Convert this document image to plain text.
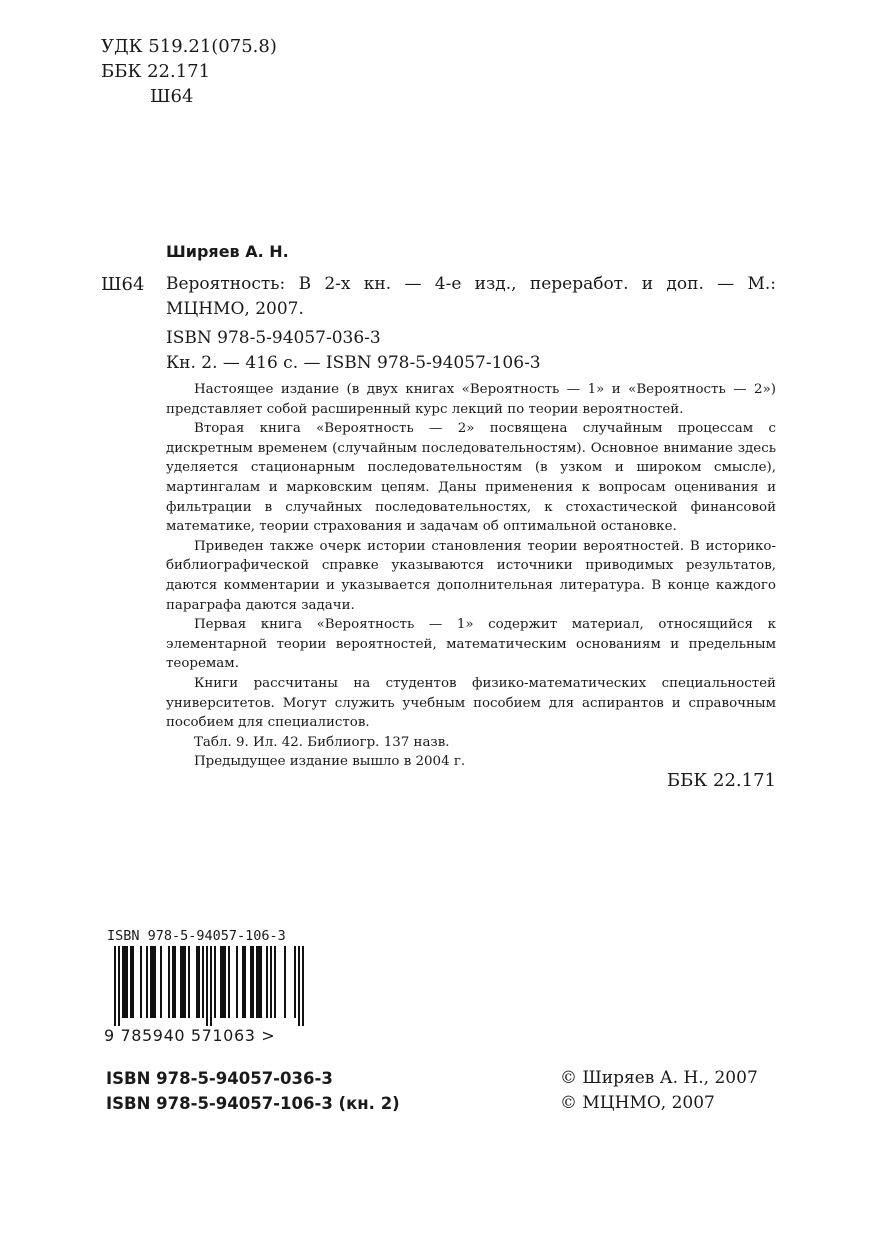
УДК 519.21(075.8)
ББК 22.171
Ш64
Ширяев А. Н.
Ш64 Вероятность: В 2-х кн. — 4-е изд., переработ. и доп. — М.:
МЦНМО, 2007.
ISBN 978-5-94057-036-3
Кн. 2. — 416 с. — ISBN 978-5-94057-106-3

Настоящее издание (в двух книгах «Вероятность — 1» и «Вероятность — 2») представляет собой расширенный курс лекций по теории вероятностей.

Вторая книга «Вероятность — 2» посвящена случайным процессам с дискретным временем (случайным последовательностям). Основное внимание здесь уделяется стационарным последовательностям (в узком и широком смысле), мартингалам и марковским цепям. Даны применения к вопросам оценивания и фильтрации в случайных последовательностях, к стохастической финансовой математике, теории страхования и задачам об оптимальной остановке.

Приведен также очерк истории становления теории вероятностей. В историко-библиографической справке указываются источники приводимых результатов, даются комментарии и указывается дополнительная литература. В конце каждого параграфа даются задачи.

Первая книга «Вероятность — 1» содержит материал, относящийся к элементарной теории вероятностей, математическим основаниям и предельным теоремам.

Книги рассчитаны на студентов физико-математических специальностей университетов. Могут служить учебным пособием для аспирантов и справочным пособием для специалистов.

Табл. 9. Ил. 42. Библиогр. 137 назв.

Предыдущее издание вышло в 2004 г.

ББК 22.171
ISBN 978-5-94057-106-3
9 785940 571063 >
ISBN 978-5-94057-036-3
ISBN 978-5-94057-106-3 (кн. 2)
© Ширяев А. Н., 2007
© МЦНМО, 2007
